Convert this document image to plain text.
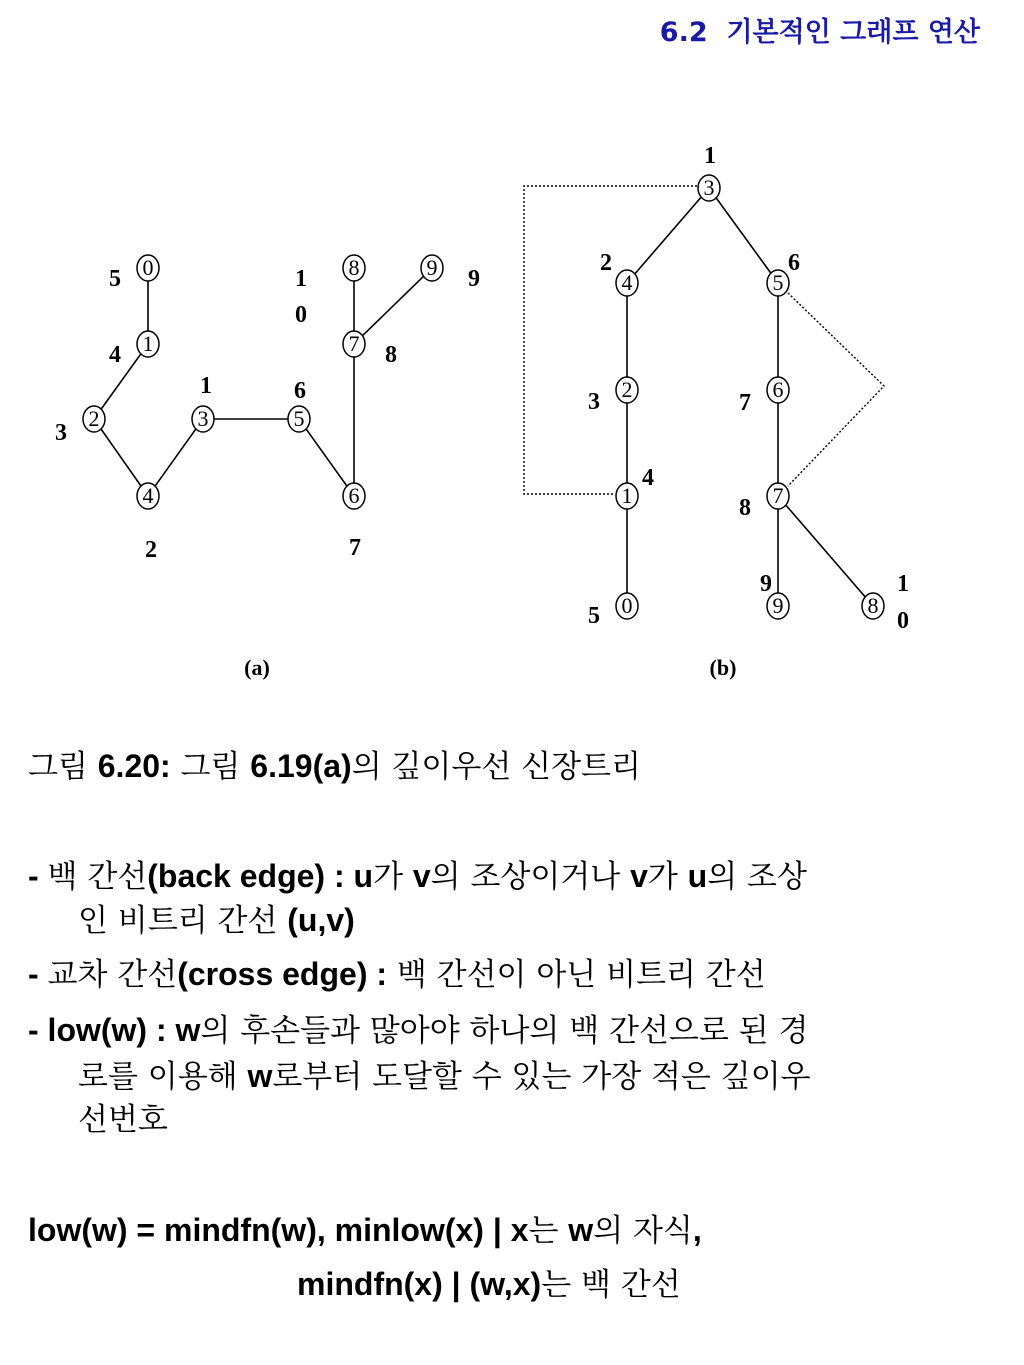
6.2 기본적인 그래프 연산
0
5
1
4
2
3
4
2
3
1
5
6
6
7
7 8
8
1
0
9 9
3
1
4
2
5
6
2
3	6
7
1
4
7
8
0
5	9
9
8
1
0
(a)	(b)
그림 6.20: 그림 6.19(a)의 깊이우선 신장트리
- 백 간선(back edge) : u가 v의 조상이거나 v가 u의 조상
인 비트리 간선 (u,v)
- 교차 간선(cross edge) : 백 간선이 아닌 비트리 간선
- low(w) : w의 후손들과 많아야 하나의 백 간선으로 된 경
로를 이용해 w로부터 도달할 수 있는 가장 적은 깊이우
선번호
low(w) = mindfn(w), minlow(x) | x는 w의 자식,
mindfn(x) | (w,x)는 백 간선
